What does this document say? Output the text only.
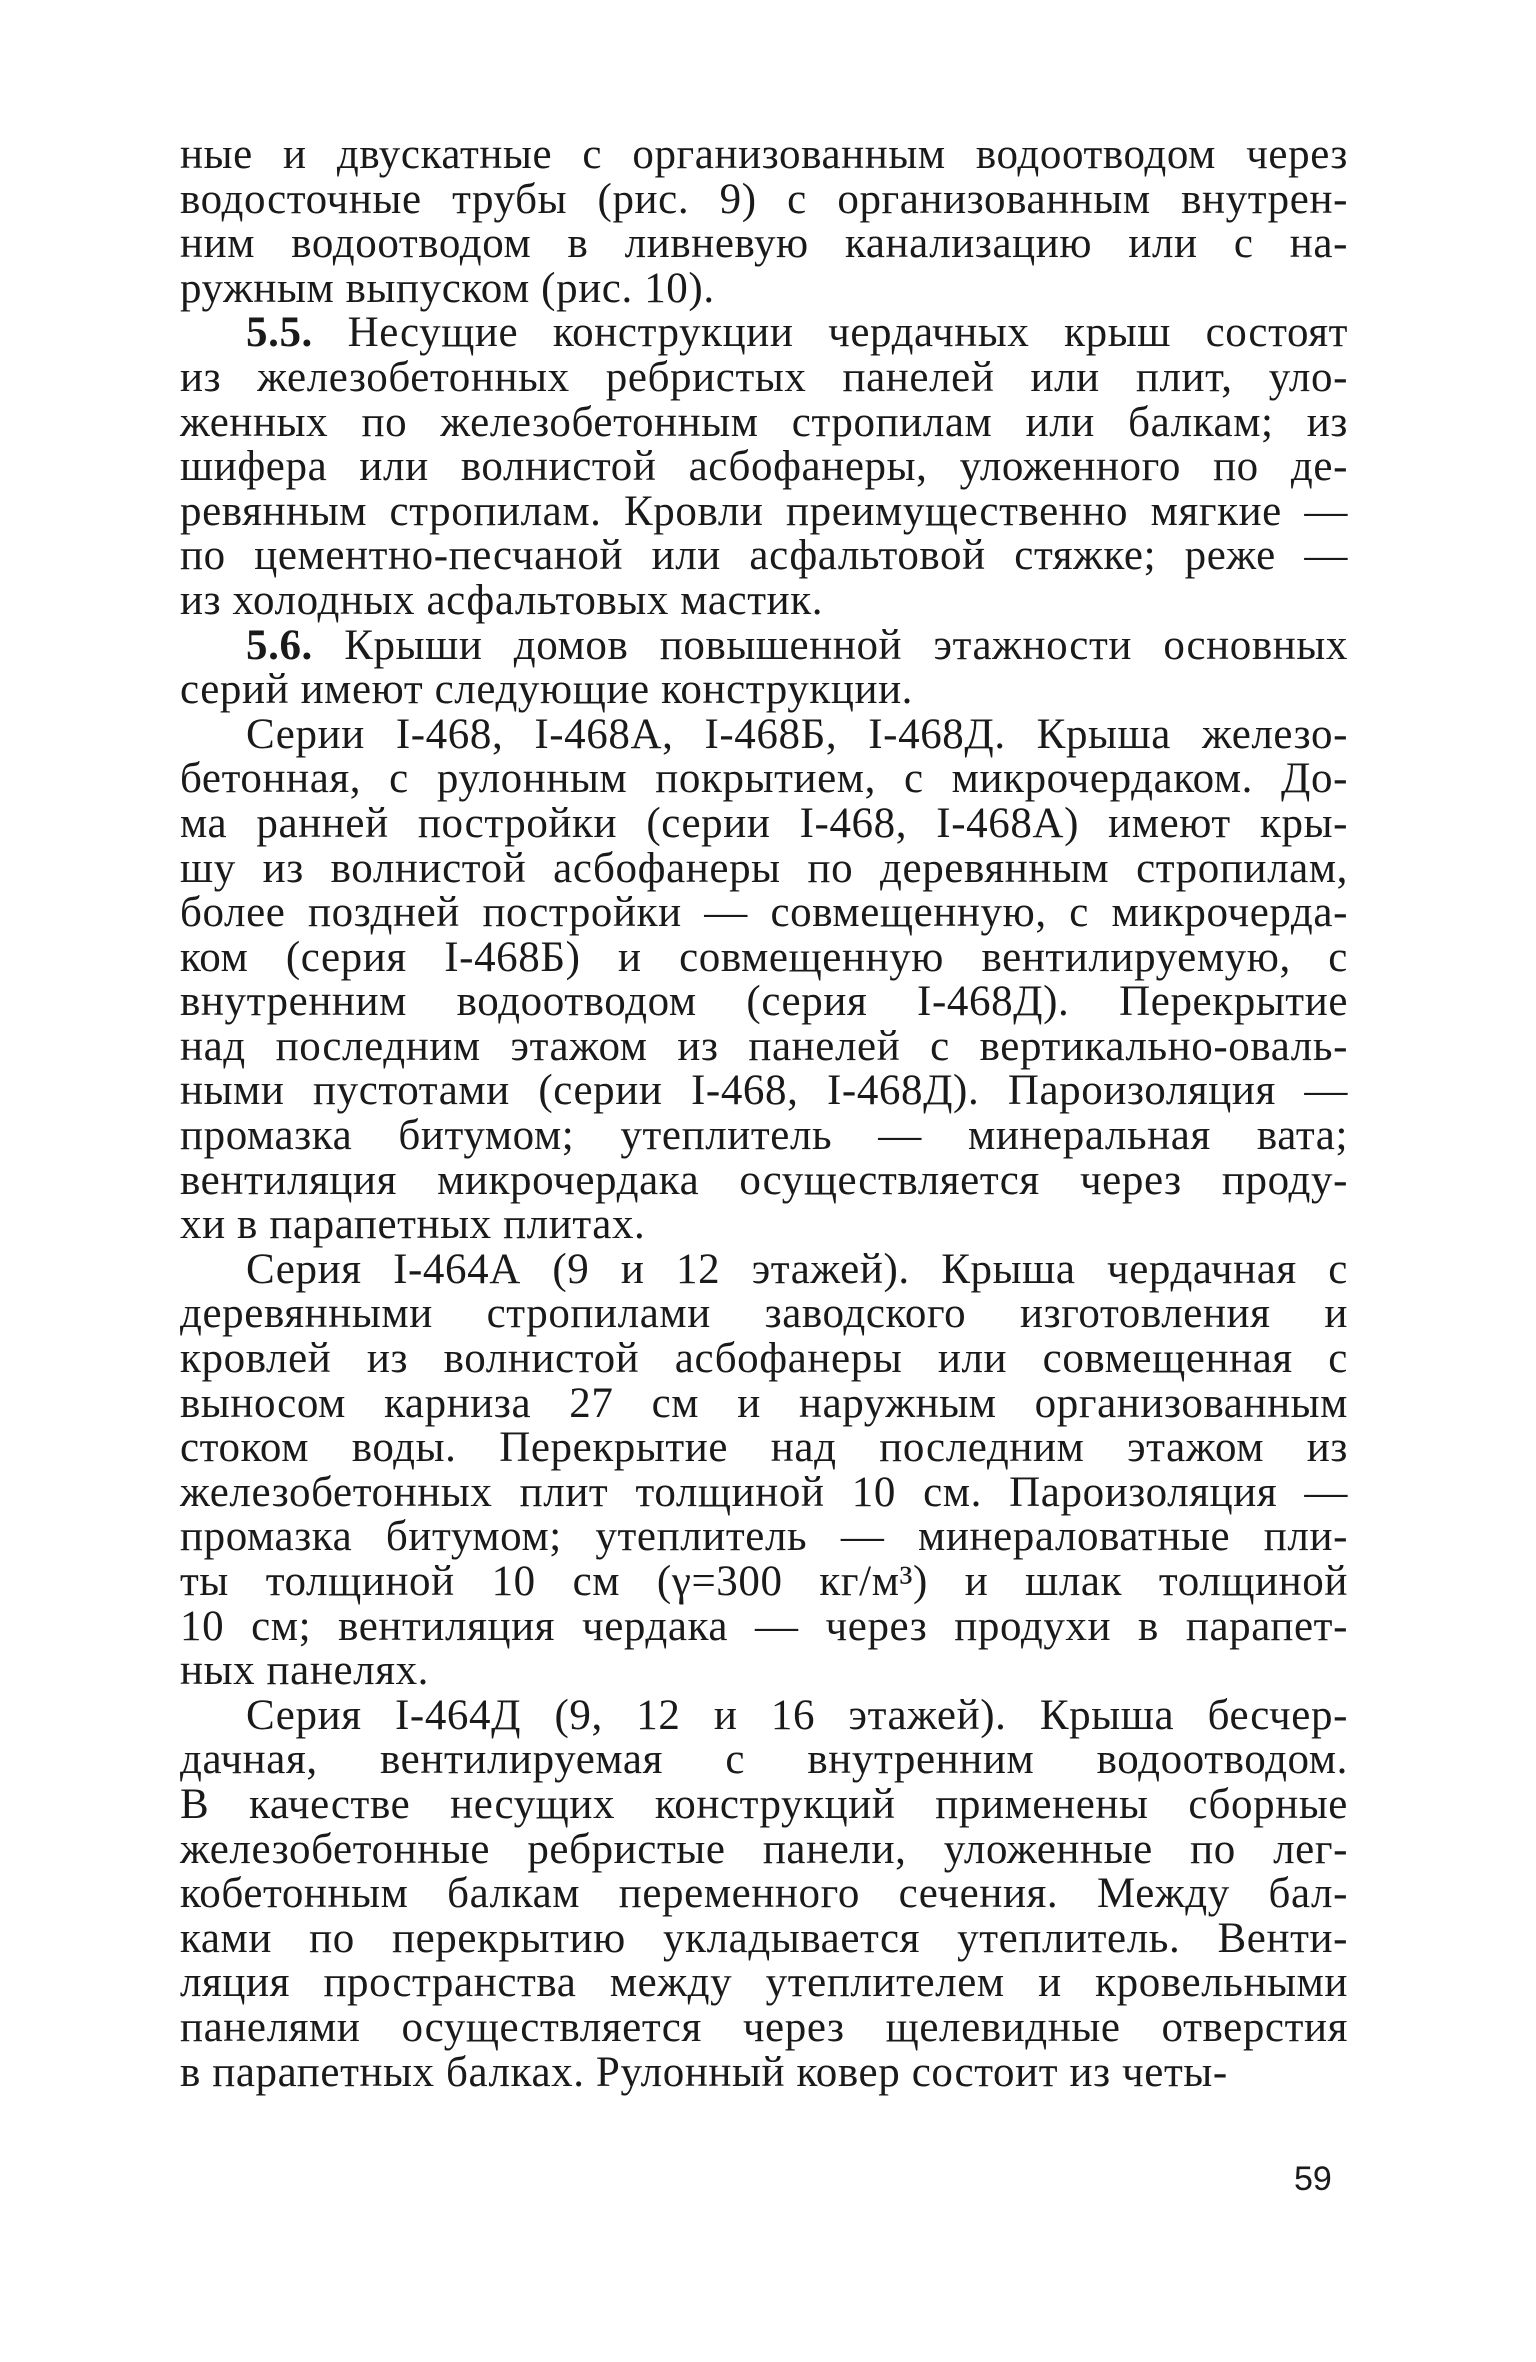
ные и двускатные с организованным водоотводом через
водосточные трубы (рис. 9) с организованным внутрен-
ним водоотводом в ливневую канализацию или с на-
ружным выпуском (рис. 10).
5.5. Несущие конструкции чердачных крыш состоят
из железобетонных ребристых панелей или плит, уло-
женных по железобетонным стропилам или балкам; из
шифера или волнистой асбофанеры, уложенного по де-
ревянным стропилам. Кровли преимущественно мягкие —
по цементно-песчаной или асфальтовой стяжке; реже —
из холодных асфальтовых мастик.
5.6. Крыши домов повышенной этажности основных
серий имеют следующие конструкции.
Серии I-468, I-468А, I-468Б, I-468Д. Крыша железо-
бетонная, с рулонным покрытием, с микрочердаком. До-
ма ранней постройки (серии I-468, I-468А) имеют кры-
шу из волнистой асбофанеры по деревянным стропилам,
более поздней постройки — совмещенную, с микрочерда-
ком (серия I-468Б) и совмещенную вентилируемую, с
внутренним водоотводом (серия I-468Д). Перекрытие
над последним этажом из панелей с вертикально-оваль-
ными пустотами (серии I-468, I-468Д). Пароизоляция —
промазка битумом; утеплитель — минеральная вата;
вентиляция микрочердака осуществляется через проду-
хи в парапетных плитах.
Серия I-464А (9 и 12 этажей). Крыша чердачная с
деревянными стропилами заводского изготовления и
кровлей из волнистой асбофанеры или совмещенная с
выносом карниза 27 см и наружным организованным
стоком воды. Перекрытие над последним этажом из
железобетонных плит толщиной 10 см. Пароизоляция —
промазка битумом; утеплитель — минераловатные пли-
ты толщиной 10 см (γ=300 кг/м³) и шлак толщиной
10 см; вентиляция чердака — через продухи в парапет-
ных панелях.
Серия I-464Д (9, 12 и 16 этажей). Крыша бесчер-
дачная, вентилируемая с внутренним водоотводом.
В качестве несущих конструкций применены сборные
железобетонные ребристые панели, уложенные по лег-
кобетонным балкам переменного сечения. Между бал-
ками по перекрытию укладывается утеплитель. Венти-
ляция пространства между утеплителем и кровельными
панелями осуществляется через щелевидные отверстия
в парапетных балках. Рулонный ковер состоит из четы-
59
